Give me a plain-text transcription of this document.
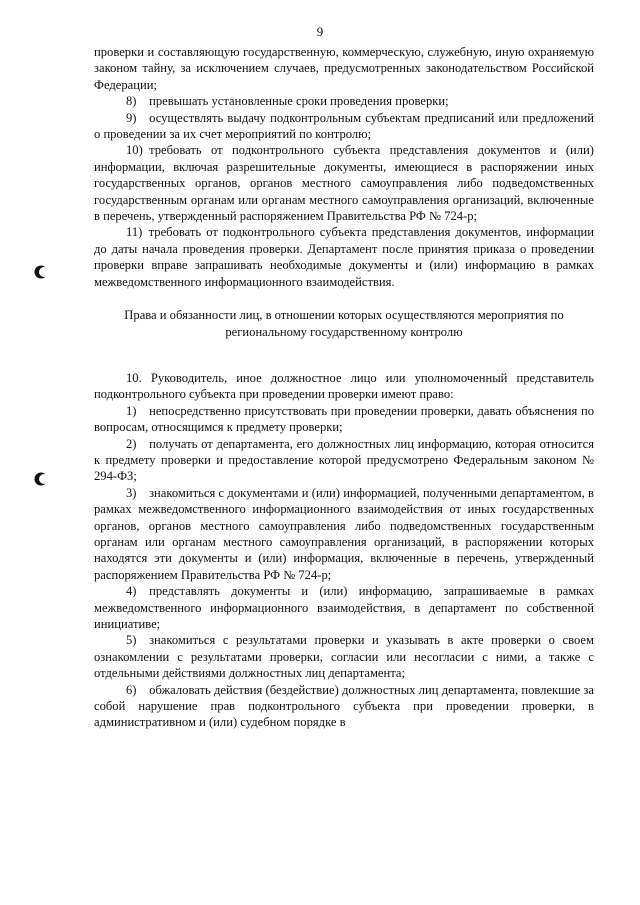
9

проверки и составляющую государственную, коммерческую, служебную, иную охраняемую законом тайну, за исключением случаев, предусмотренных законодательством Российской Федерации;

8) превышать установленные сроки проведения проверки;

9) осуществлять выдачу подконтрольным субъектам предписаний или предложений о проведении за их счет мероприятий по контролю;

10) требовать от подконтрольного субъекта представления документов и (или) информации, включая разрешительные документы, имеющиеся в распоряжении иных государственных органов, органов местного самоуправления либо подведомственных государственным органам или органам местного самоуправления организаций, включенные в перечень, утвержденный распоряжением Правительства РФ № 724-р;

11) требовать от подконтрольного субъекта представления документов, информации до даты начала проведения проверки. Департамент после принятия приказа о проведении проверки вправе запрашивать необходимые документы и (или) информацию в рамках межведомственного информационного взаимодействия.

Права и обязанности лиц, в отношении которых осуществляются мероприятия по региональному государственному контролю

10. Руководитель, иное должностное лицо или уполномоченный представитель подконтрольного субъекта при проведении проверки имеют право:

1) непосредственно присутствовать при проведении проверки, давать объяснения по вопросам, относящимся к предмету проверки;

2) получать от департамента, его должностных лиц информацию, которая относится к предмету проверки и предоставление которой предусмотрено Федеральным законом № 294-ФЗ;

3) знакомиться с документами и (или) информацией, полученными департаментом, в рамках межведомственного информационного взаимодействия от иных государственных органов, органов местного самоуправления либо подведомственных государственным органам или органам местного самоуправления организаций, в распоряжении которых находятся эти документы и (или) информация, включенные в перечень, утвержденный распоряжением Правительства РФ № 724-р;

4) представлять документы и (или) информацию, запрашиваемые в рамках межведомственного информационного взаимодействия, в департамент по собственной инициативе;

5) знакомиться с результатами проверки и указывать в акте проверки о своем ознакомлении с результатами проверки, согласии или несогласии с ними, а также с отдельными действиями должностных лиц департамента;

6) обжаловать действия (бездействие) должностных лиц департамента, повлекшие за собой нарушение прав подконтрольного субъекта при проведении проверки, в административном и (или) судебном порядке в
